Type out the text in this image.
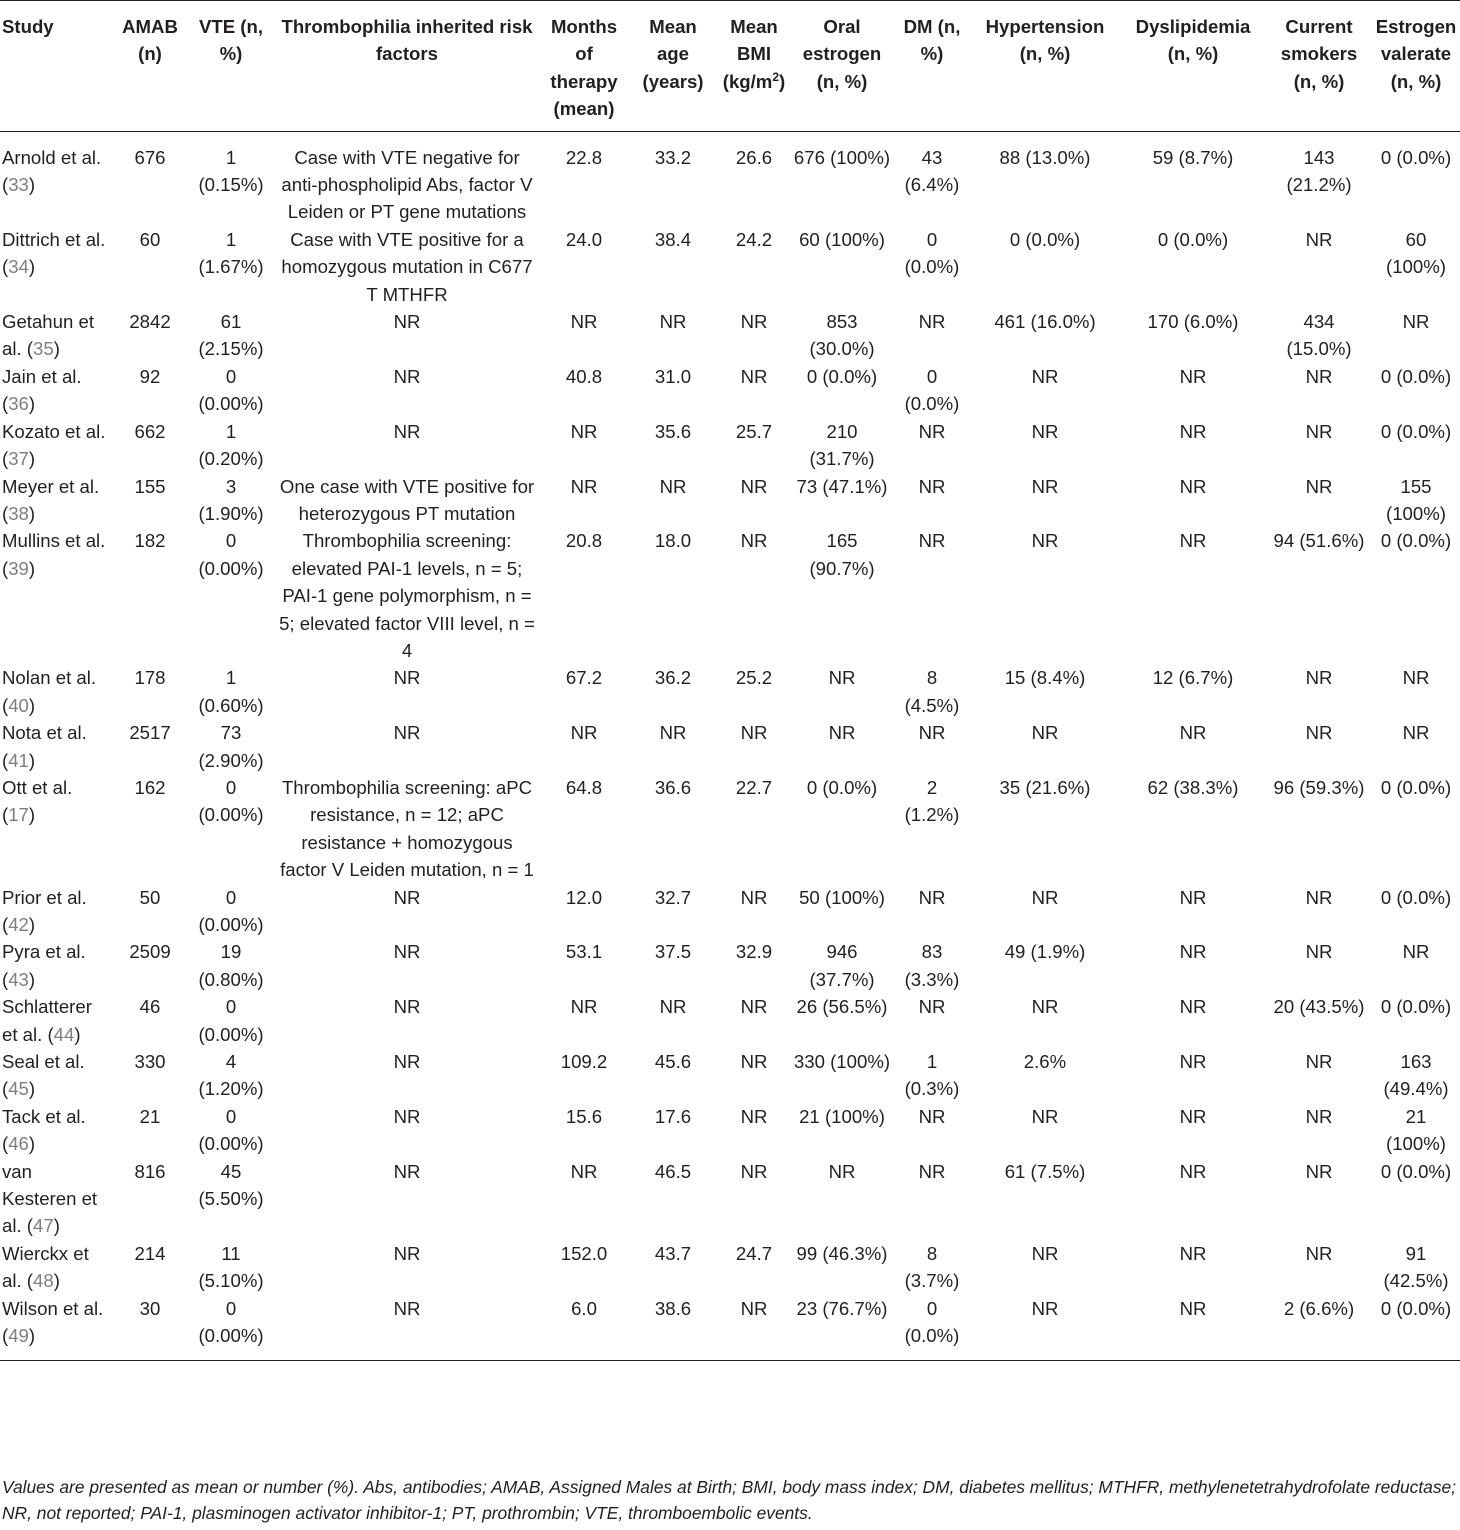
Study	AMAB (n)	VTE (n, %)	Thrombophilia inherited risk factors	Months of therapy (mean)	Mean age (years)	Mean BMI $(kg/m^2)$	Oral estrogen (n, %)	DM (n, %)	Hypertension (n, %)	Dyslipidemia (n, %)	Current smokers (n, %)	Estrogen valerate (n, %)
Arnold et al. (33)	676	1 (0.15%)	Case with VTE negative for anti-phospholipid Abs, factor V Leiden or PT gene mutations	22.8	33.2	26.6	676 (100%)	43 (6.4%)	88 (13.0%)	59 (8.7%)	143 (21.2%)	0 (0.0%)
Dittrich et al. (34)	60	1 (1.67%)	Case with VTE positive for a homozygous mutation in C677 T MTHFR	24.0	38.4	24.2	60 (100%)	0 (0.0%)	0 (0.0%)	0 (0.0%)	NR	60 (100%)
Getahun et al. (35)	2842	61 (2.15%)	NR	NR	NR	NR	853 (30.0%)	NR	461 (16.0%)	170 (6.0%)	434 (15.0%)	NR
Jain et al. (36)	92	0 (0.00%)	NR	40.8	31.0	NR	0 (0.0%)	0 (0.0%)	NR	NR	NR	0 (0.0%)
Kozato et al. (37)	662	1 (0.20%)	NR	NR	35.6	25.7	210 (31.7%)	NR	NR	NR	NR	0 (0.0%)
Meyer et al. (38)	155	3 (1.90%)	One case with VTE positive for heterozygous PT mutation	NR	NR	NR	73 (47.1%)	NR	NR	NR	NR	155 (100%)
Mullins et al. (39)	182	0 (0.00%)	Thrombophilia screening: elevated PAI-1 levels, n = 5; PAI-1 gene polymorphism, n = 5; elevated factor VIII level, n = 4	20.8	18.0	NR	165 (90.7%)	NR	NR	NR	94 (51.6%)	0 (0.0%)
Nolan et al. (40)	178	1 (0.60%)	NR	67.2	36.2	25.2	NR	8 (4.5%)	15 (8.4%)	12 (6.7%)	NR	NR
Nota et al. (41)	2517	73 (2.90%)	NR	NR	NR	NR	NR	NR	NR	NR	NR	NR
Ott et al. (17)	162	0 (0.00%)	Thrombophilia screening: aPC resistance, n = 12; aPC resistance + homozygous factor V Leiden mutation, n = 1	64.8	36.6	22.7	0 (0.0%)	2 (1.2%)	35 (21.6%)	62 (38.3%)	96 (59.3%)	0 (0.0%)
Prior et al. (42)	50	0 (0.00%)	NR	12.0	32.7	NR	50 (100%)	NR	NR	NR	NR	0 (0.0%)
Pyra et al. (43)	2509	19 (0.80%)	NR	53.1	37.5	32.9	946 (37.7%)	83 (3.3%)	49 (1.9%)	NR	NR	NR
Schlatterer et al. (44)	46	0 (0.00%)	NR	NR	NR	NR	26 (56.5%)	NR	NR	NR	20 (43.5%)	0 (0.0%)
Seal et al. (45)	330	4 (1.20%)	NR	109.2	45.6	NR	330 (100%)	1 (0.3%)	2.6%	NR	NR	163 (49.4%)
Tack et al. (46)	21	0 (0.00%)	NR	15.6	17.6	NR	21 (100%)	NR	NR	NR	NR	21 (100%)
van Kesteren et al. (47)	816	45 (5.50%)	NR	NR	46.5	NR	NR	NR	61 (7.5%)	NR	NR	0 (0.0%)
Wierckx et al. (48)	214	11 (5.10%)	NR	152.0	43.7	24.7	99 (46.3%)	8 (3.7%)	NR	NR	NR	91 (42.5%)
Wilson et al. (49)	30	0 (0.00%)	NR	6.0	38.6	NR	23 (76.7%)	0 (0.0%)	NR	NR	2 (6.6%)	0 (0.0%)
Values are presented as mean or number (%). Abs, antibodies; AMAB, Assigned Males at Birth; BMI, body mass index; DM, diabetes mellitus; MTHFR, methylenetetrahydrofolate reductase; NR, not reported; PAI-1, plasminogen activator inhibitor-1; PT, prothrombin; VTE, thromboembolic events.
